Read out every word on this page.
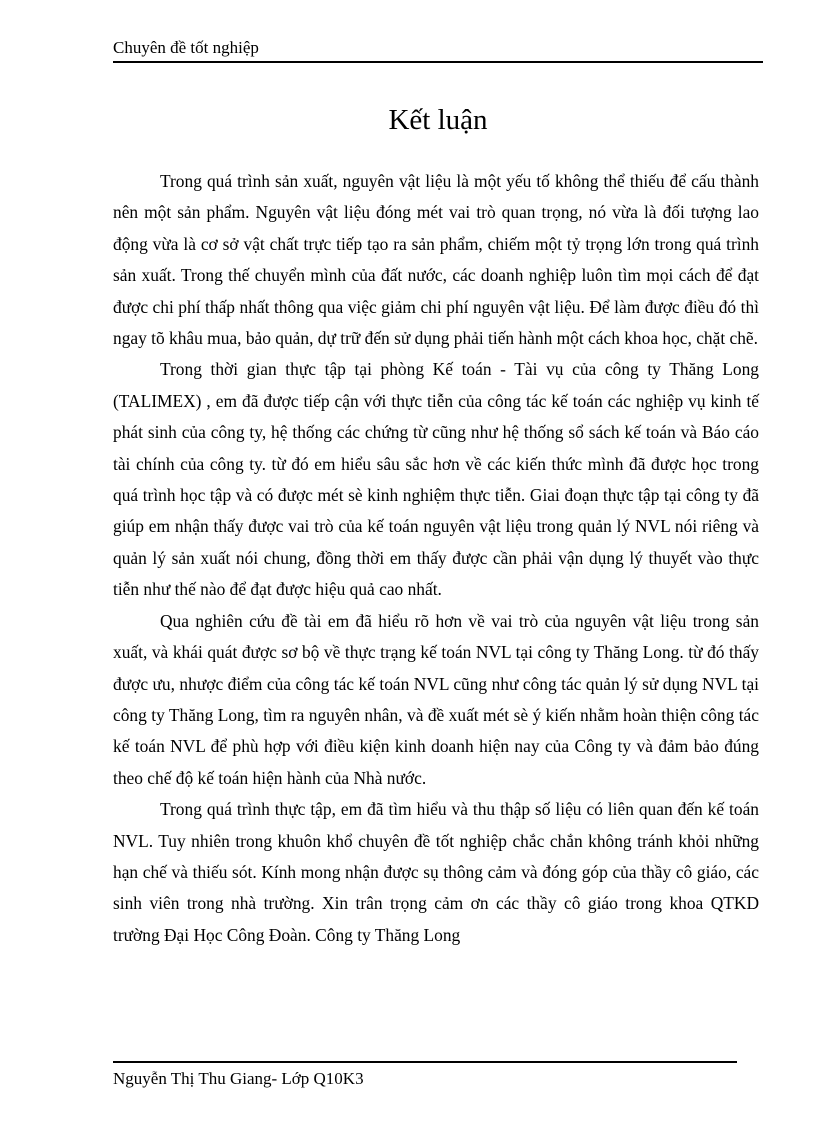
Chuyên đề tốt nghiệp
Kết luận

Trong quá trình sản xuất, nguyên vật liệu là một yếu tố không thể thiếu để cấu thành nên một sản phẩm. Nguyên vật liệu đóng mét vai trò quan trọng, nó vừa là đối tượng lao động vừa là cơ sở vật chất trực tiếp tạo ra sản phẩm, chiếm một tỷ trọng lớn trong quá trình sản xuất. Trong thế chuyển mình của đất nước, các doanh nghiệp luôn tìm mọi cách để đạt được chi phí thấp nhất thông qua việc giảm chi phí nguyên vật liệu. Để làm được điều đó thì ngay tõ khâu mua, bảo quản, dự trữ đến sử dụng phải tiến hành một cách khoa học, chặt chẽ.

Trong thời gian thực tập tại phòng Kế toán - Tài vụ của công ty Thăng Long (TALIMEX) , em đã được tiếp cận với thực tiễn của công tác kế toán các nghiệp vụ kinh tế phát sinh của công ty, hệ thống các chứng từ cũng như hệ thống sổ sách kế toán và Báo cáo tài chính của công ty. từ đó em hiểu sâu sắc hơn về các kiến thức mình đã được học trong quá trình học tập và có được mét sè kinh nghiệm thực tiễn. Giai đoạn thực tập tại công ty đã giúp em nhận thấy được vai trò của kế toán nguyên vật liệu trong quản lý NVL nói riêng và quản lý sản xuất nói chung, đồng thời em thấy được cần phải vận dụng lý thuyết vào thực tiễn như thế nào để đạt được hiệu quả cao nhất.

Qua nghiên cứu đề tài em đã hiểu rõ hơn về vai trò của nguyên vật liệu trong sản xuất, và khái quát được sơ bộ về thực trạng kế toán NVL tại công ty Thăng Long. từ đó thấy được ưu, nhược điểm của công tác kế toán NVL cũng như công tác quản lý sử dụng NVL tại công ty Thăng Long, tìm ra nguyên nhân, và đề xuất mét sè ý kiến nhằm hoàn thiện công tác kế toán NVL để phù hợp với điều kiện kinh doanh hiện nay của Công ty và đảm bảo đúng theo chế độ kế toán hiện hành của Nhà nước.

Trong quá trình thực tập, em đã tìm hiểu và thu thập số liệu có liên quan đến kế toán NVL. Tuy nhiên trong khuôn khổ chuyên đề tốt nghiệp chắc chắn không tránh khỏi những hạn chế và thiếu sót. Kính mong nhận được sụ thông cảm và đóng góp của thầy cô giáo, các sinh viên trong nhà trường. Xin trân trọng cảm ơn các thầy cô giáo trong khoa QTKD trường Đại Học Công Đoàn. Công ty Thăng Long

Nguyễn Thị Thu Giang- Lớp Q10K3
